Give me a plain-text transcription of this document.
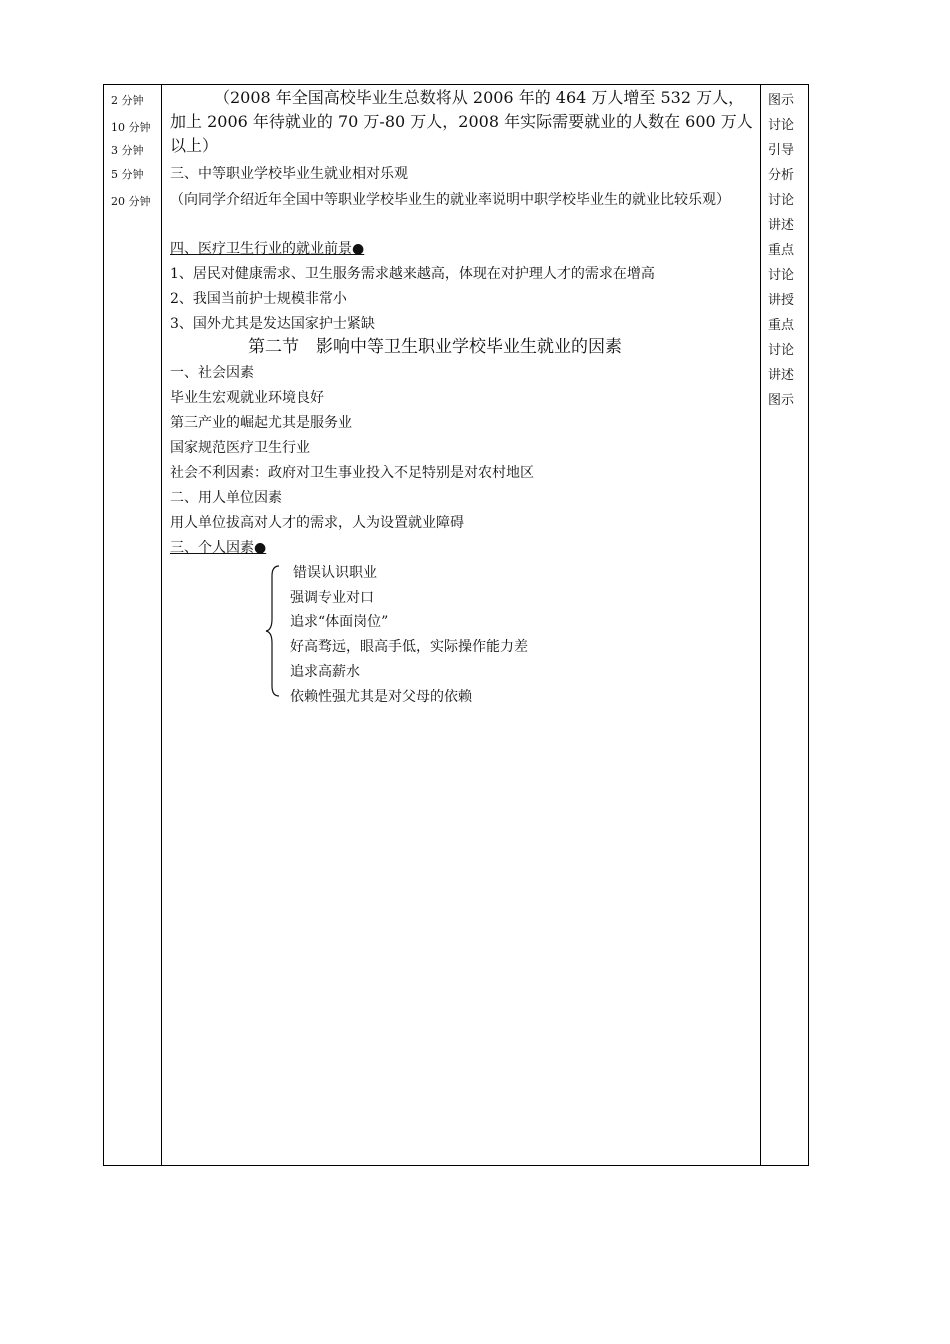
2 分钟
10 分钟
3 分钟
5 分钟
20 分钟
图示
讨论
引导
分析
讨论
讲述
重点
讨论
讲授
重点
讨论
讲述
图示
（2008 年全国高校毕业生总数将从 2006 年的 464 万人增至 532 万人，加上 2006 年待就业的 70 万-80 万人，2008 年实际需要就业的人数在 600 万人以上）
三、中等职业学校毕业生就业相对乐观
（向同学介绍近年全国中等职业学校毕业生的就业率说明中职学校毕业生的就业比较乐观）
四、医疗卫生行业的就业前景●
1、居民对健康需求、卫生服务需求越来越高，体现在对护理人才的需求在增高
2、我国当前护士规模非常小
3、国外尤其是发达国家护士紧缺
第二节　影响中等卫生职业学校毕业生就业的因素
一、社会因素
毕业生宏观就业环境良好
第三产业的崛起尤其是服务业
国家规范医疗卫生行业
社会不利因素：政府对卫生事业投入不足特别是对农村地区
二、用人单位因素
用人单位拔高对人才的需求，人为设置就业障碍
三、个人因素●
错误认识职业
强调专业对口
追求“体面岗位”
好高骛远，眼高手低，实际操作能力差
追求高薪水
依赖性强尤其是对父母的依赖
